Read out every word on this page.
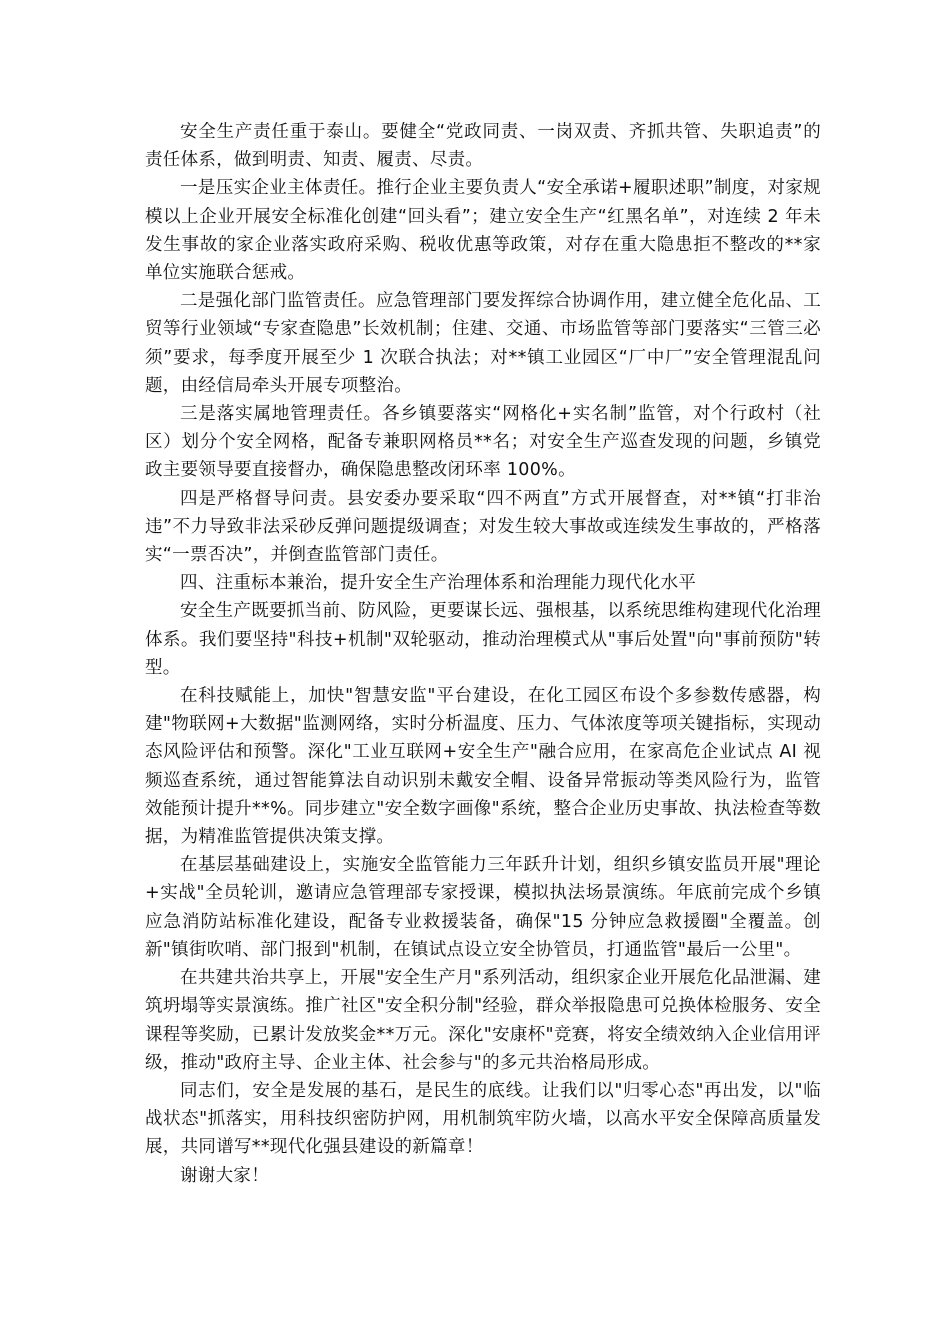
安全生产责任重于泰山。要健全“党政同责、一岗双责、齐抓共管、失职追责”的责任体系，做到明责、知责、履责、尽责。

一是压实企业主体责任。推行企业主要负责人“安全承诺+履职述职”制度，对家规模以上企业开展安全标准化创建“回头看”；建立安全生产“红黑名单”，对连续 2 年未发生事故的家企业落实政府采购、税收优惠等政策，对存在重大隐患拒不整改的**家单位实施联合惩戒。

二是强化部门监管责任。应急管理部门要发挥综合协调作用，建立健全危化品、工贸等行业领域“专家查隐患”长效机制；住建、交通、市场监管等部门要落实“三管三必须”要求，每季度开展至少 1 次联合执法；对**镇工业园区“厂中厂”安全管理混乱问题，由经信局牵头开展专项整治。

三是落实属地管理责任。各乡镇要落实“网格化+实名制”监管，对个行政村（社区）划分个安全网格，配备专兼职网格员**名；对安全生产巡查发现的问题，乡镇党政主要领导要直接督办，确保隐患整改闭环率 100%。

四是严格督导问责。县安委办要采取“四不两直”方式开展督查，对**镇“打非治违”不力导致非法采砂反弹问题提级调查；对发生较大事故或连续发生事故的，严格落实“一票否决”，并倒查监管部门责任。

四、注重标本兼治，提升安全生产治理体系和治理能力现代化水平

安全生产既要抓当前、防风险，更要谋长远、强根基，以系统思维构建现代化治理体系。我们要坚持"科技+机制"双轮驱动，推动治理模式从"事后处置"向"事前预防"转型。

在科技赋能上，加快"智慧安监"平台建设，在化工园区布设个多参数传感器，构建"物联网+大数据"监测网络，实时分析温度、压力、气体浓度等项关键指标，实现动态风险评估和预警。深化"工业互联网+安全生产"融合应用，在家高危企业试点 AI 视频巡查系统，通过智能算法自动识别未戴安全帽、设备异常振动等类风险行为，监管效能预计提升**%。同步建立"安全数字画像"系统，整合企业历史事故、执法检查等数据，为精准监管提供决策支撑。

在基层基础建设上，实施安全监管能力三年跃升计划，组织乡镇安监员开展"理论+实战"全员轮训，邀请应急管理部专家授课，模拟执法场景演练。年底前完成个乡镇应急消防站标准化建设，配备专业救援装备，确保"15 分钟应急救援圈"全覆盖。创新"镇街吹哨、部门报到"机制，在镇试点设立安全协管员，打通监管"最后一公里"。

在共建共治共享上，开展"安全生产月"系列活动，组织家企业开展危化品泄漏、建筑坍塌等实景演练。推广社区"安全积分制"经验，群众举报隐患可兑换体检服务、安全课程等奖励，已累计发放奖金**万元。深化"安康杯"竞赛，将安全绩效纳入企业信用评级，推动"政府主导、企业主体、社会参与"的多元共治格局形成。

同志们，安全是发展的基石，是民生的底线。让我们以"归零心态"再出发，以"临战状态"抓落实，用科技织密防护网，用机制筑牢防火墙，以高水平安全保障高质量发展，共同谱写**现代化强县建设的新篇章！

谢谢大家！
